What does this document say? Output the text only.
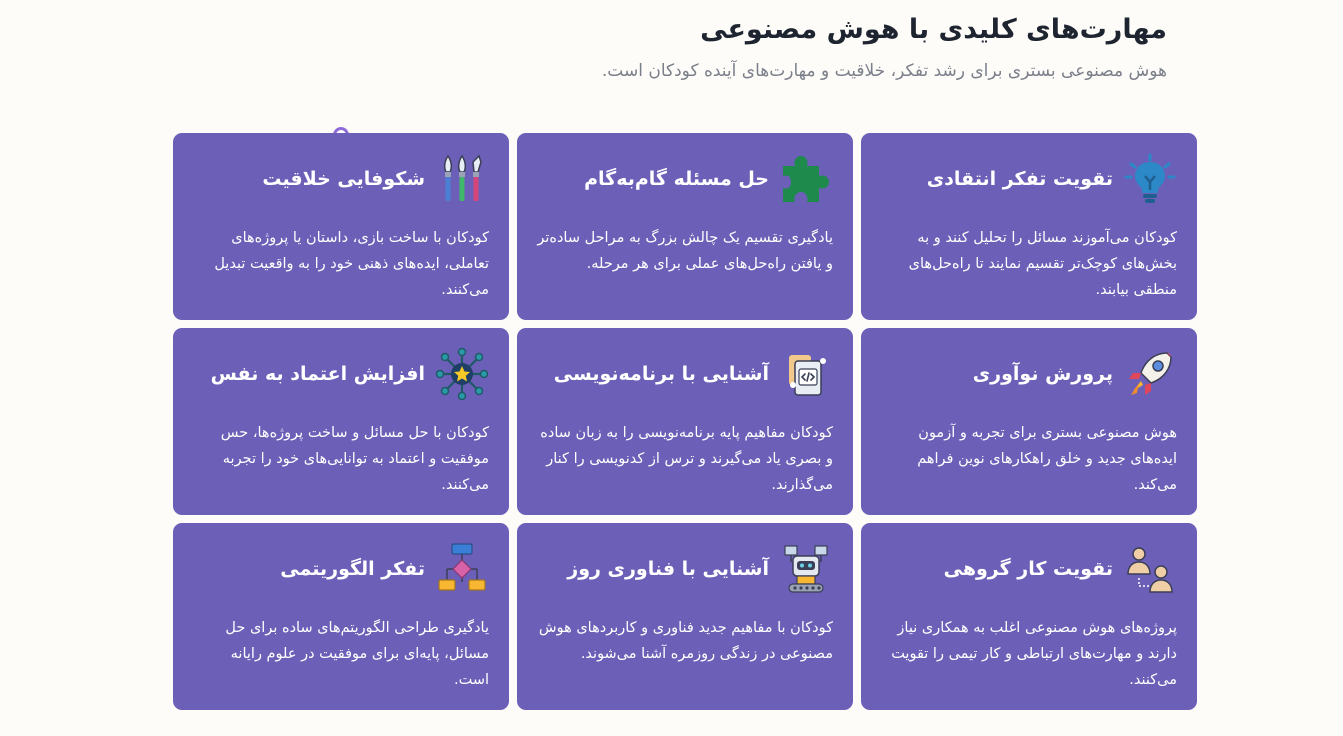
مهارت‌های کلیدی با هوش مصنوعی

هوش مصنوعی بستری برای رشد تفکر، خلاقیت و مهارت‌های آینده کودکان است.

تقویت تفکر انتقادی
کودکان می‌آموزند مسائل را تحلیل کنند و به بخش‌های کوچک‌تر تقسیم نمایند تا راه‌حل‌های منطقی بیابند.
حل مسئله گام‌به‌گام
یادگیری تقسیم یک چالش بزرگ به مراحل ساده‌تر و یافتن راه‌حل‌های عملی برای هر مرحله.
شکوفایی خلاقیت
کودکان با ساخت بازی، داستان یا پروژه‌های تعاملی، ایده‌های ذهنی خود را به واقعیت تبدیل می‌کنند.
پرورش نوآوری
هوش مصنوعی بستری برای تجربه و آزمون ایده‌های جدید و خلق راهکارهای نوین فراهم می‌کند.
آشنایی با برنامه‌نویسی
کودکان مفاهیم پایه برنامه‌نویسی را به زبان ساده و بصری یاد می‌گیرند و ترس از کدنویسی را کنار می‌گذارند.
افزایش اعتماد به نفس
کودکان با حل مسائل و ساخت پروژه‌ها، حس موفقیت و اعتماد به توانایی‌های خود را تجربه می‌کنند.
تقویت کار گروهی
پروژه‌های هوش مصنوعی اغلب به همکاری نیاز دارند و مهارت‌های ارتباطی و کار تیمی را تقویت می‌کنند.
آشنایی با فناوری روز
کودکان با مفاهیم جدید فناوری و کاربردهای هوش مصنوعی در زندگی روزمره آشنا می‌شوند.
تفکر الگوریتمی
یادگیری طراحی الگوریتم‌های ساده برای حل مسائل، پایه‌ای برای موفقیت در علوم رایانه است.
